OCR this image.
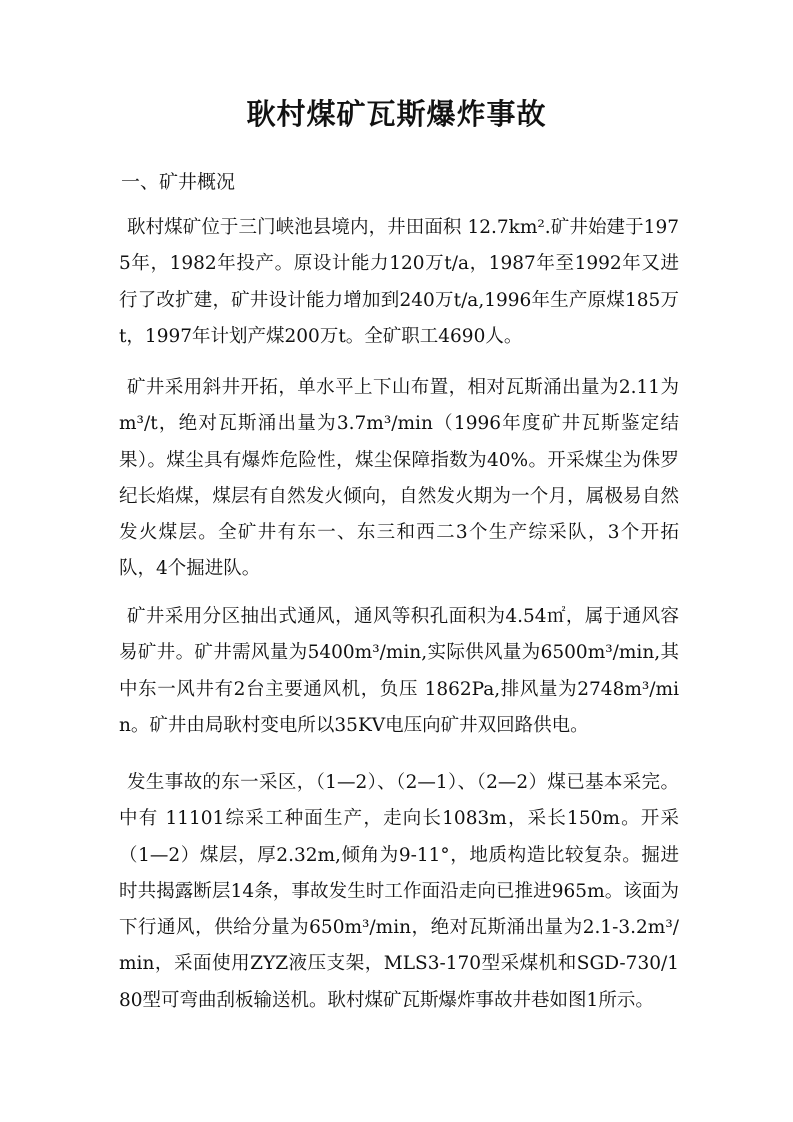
耿村煤矿瓦斯爆炸事故
一、矿井概况

耿村煤矿位于三门峡池县境内，井田面积 12.7km².矿井始建于1975年，1982年投产。原设计能力120万t/a，1987年至1992年又进行了改扩建，矿井设计能力增加到240万t/a,1996年生产原煤185万t，1997年计划产煤200万t。全矿职工4690人。

矿井采用斜井开拓，单水平上下山布置，相对瓦斯涌出量为2.11为m³/t，绝对瓦斯涌出量为3.7m³/min（1996年度矿井瓦斯鉴定结果）。煤尘具有爆炸危险性，煤尘保障指数为40%。开采煤尘为侏罗纪长焰煤，煤层有自然发火倾向，自然发火期为一个月，属极易自然发火煤层。全矿井有东一、东三和西二3个生产综采队，3个开拓队，4个掘进队。

矿井采用分区抽出式通风，通风等积孔面积为4.54㎡，属于通风容易矿井。矿井需风量为5400m³/min,实际供风量为6500m³/min,其中东一风井有2台主要通风机，负压 1862Pa,排风量为2748m³/min。矿井由局耿村变电所以35KV电压向矿井双回路供电。

发生事故的东一采区，（1—2）、（2—1）、（2—2）煤已基本采完。中有 11101综采工种面生产，走向长1083m，采长150m。开采（1—2）煤层，厚2.32m,倾角为9-11°，地质构造比较复杂。掘进时共揭露断层14条，事故发生时工作面沿走向已推进965m。该面为下行通风，供给分量为650m³/min，绝对瓦斯涌出量为2.1-3.2m³/min，采面使用ZYZ液压支架，MLS3-170型采煤机和SGD-730/180型可弯曲刮板输送机。耿村煤矿瓦斯爆炸事故井巷如图1所示。
